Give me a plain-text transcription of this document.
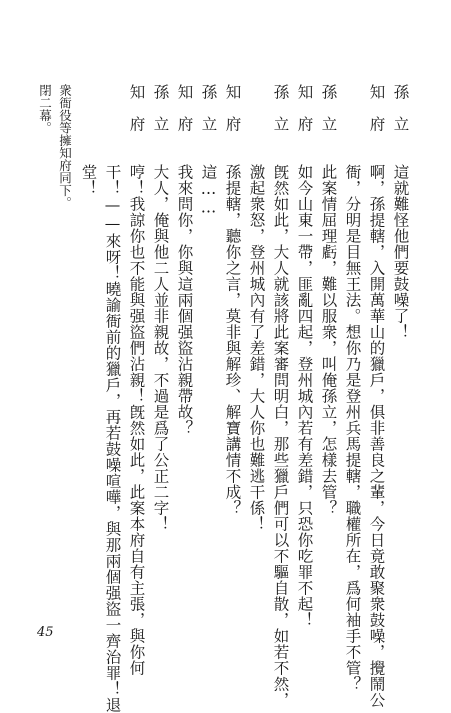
孫　立　　這就難怪他們要鼓噪了！
知　府　　啊，孫提轄，入開萬華山的獵戶，俱非善良之輩，今日竟敢聚衆鼓噪，攪鬧公
　　　　　衙，分明是目無王法。想你乃是登州兵馬提轄，職權所在，爲何袖手不管？
孫　立　　此案情屈理虧，難以服衆，叫俺孫立，怎樣去管？
知　府　　如今山東一帶，匪亂四起，登州城內若有差錯，只恐你吃罪不起！
孫　立　　旣然如此，大人就該將此案審問明白，那些獵戶們可以不驅自散，如若不然，
　　　　　激起衆怒，登州城內有了差錯，大人你也難逃干係！
知　府　　孫提轄，聽你之言，莫非與解珍、解寶講情不成？
孫　立　　這……
知　府　　我來問你，你與這兩個强盜沾親帶故？
孫　立　　大人，俺與他二人並非親故，不過是爲了公正二字！
知　府　　哼！我諒你也不能與强盜們沾親！旣然如此，此案本府自有主張，與你何
　　　　　干！——來呀！曉諭衙前的獵戶，再若鼓噪喧嘩，與那兩個强盜一齊治罪！退
　　　　　堂！
衆衙役等擁知府同下。
閉二幕。
45
